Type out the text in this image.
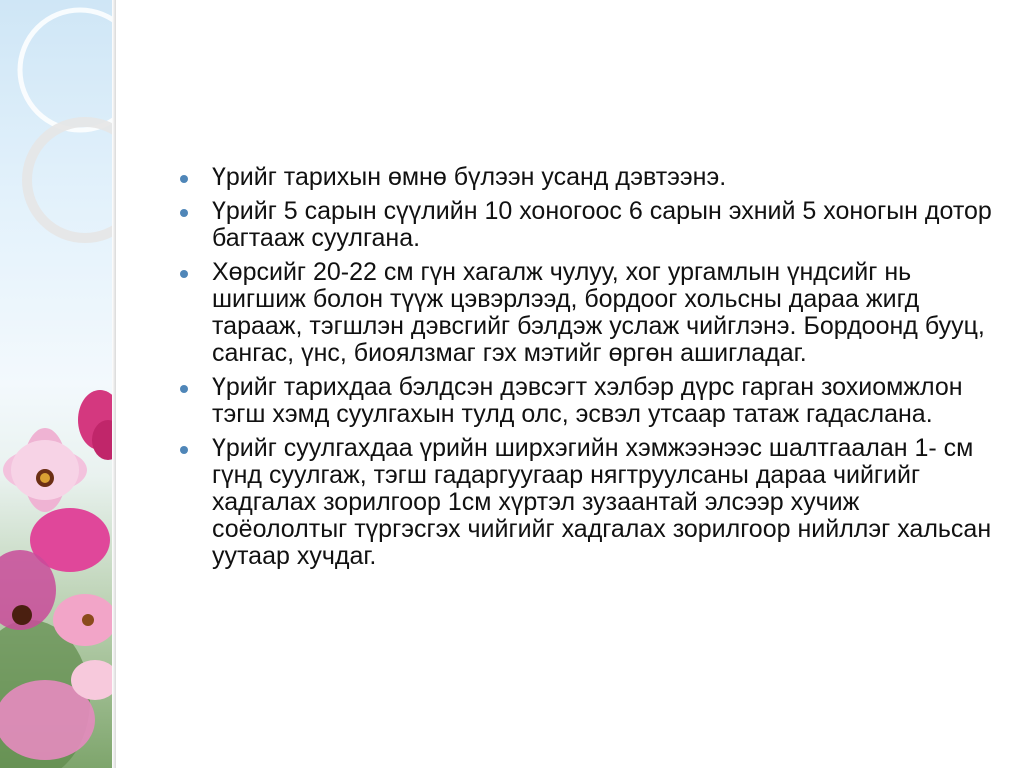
Үрийг тарихын өмнө бүлээн усанд дэвтээнэ.
Үрийг 5 сарын сүүлийн 10 хоногоос 6 сарын эхний 5 хоногын дотор багтааж суулгана.
Хөрсийг 20-22 см гүн хагалж чулуу, хог ургамлын үндсийг нь шигшиж болон түүж цэвэрлээд, бордоог хольсны дараа жигд тарааж, тэгшлэн дэвсгийг бэлдэж услаж чийглэнэ. Бордоонд бууц, сангас, үнс, биоялзмаг гэх мэтийг өргөн ашигладаг.
Үрийг тарихдаа бэлдсэн дэвсэгт хэлбэр дүрс гарган зохиомжлон тэгш хэмд суулгахын тулд олс, эсвэл утсаар татаж гадаслана.
Үрийг суулгахдаа үрийн ширхэгийн хэмжээнээс шалтгаалан 1- см гүнд суулгаж, тэгш гадаргуугаар нягтруулсаны дараа чийгийг хадгалах зорилгоор 1см хүртэл зузаантай элсээр хучиж соёололтыг түргэсгэх чийгийг хадгалах зорилгоор нийллэг хальсан уутаар хучдаг.
